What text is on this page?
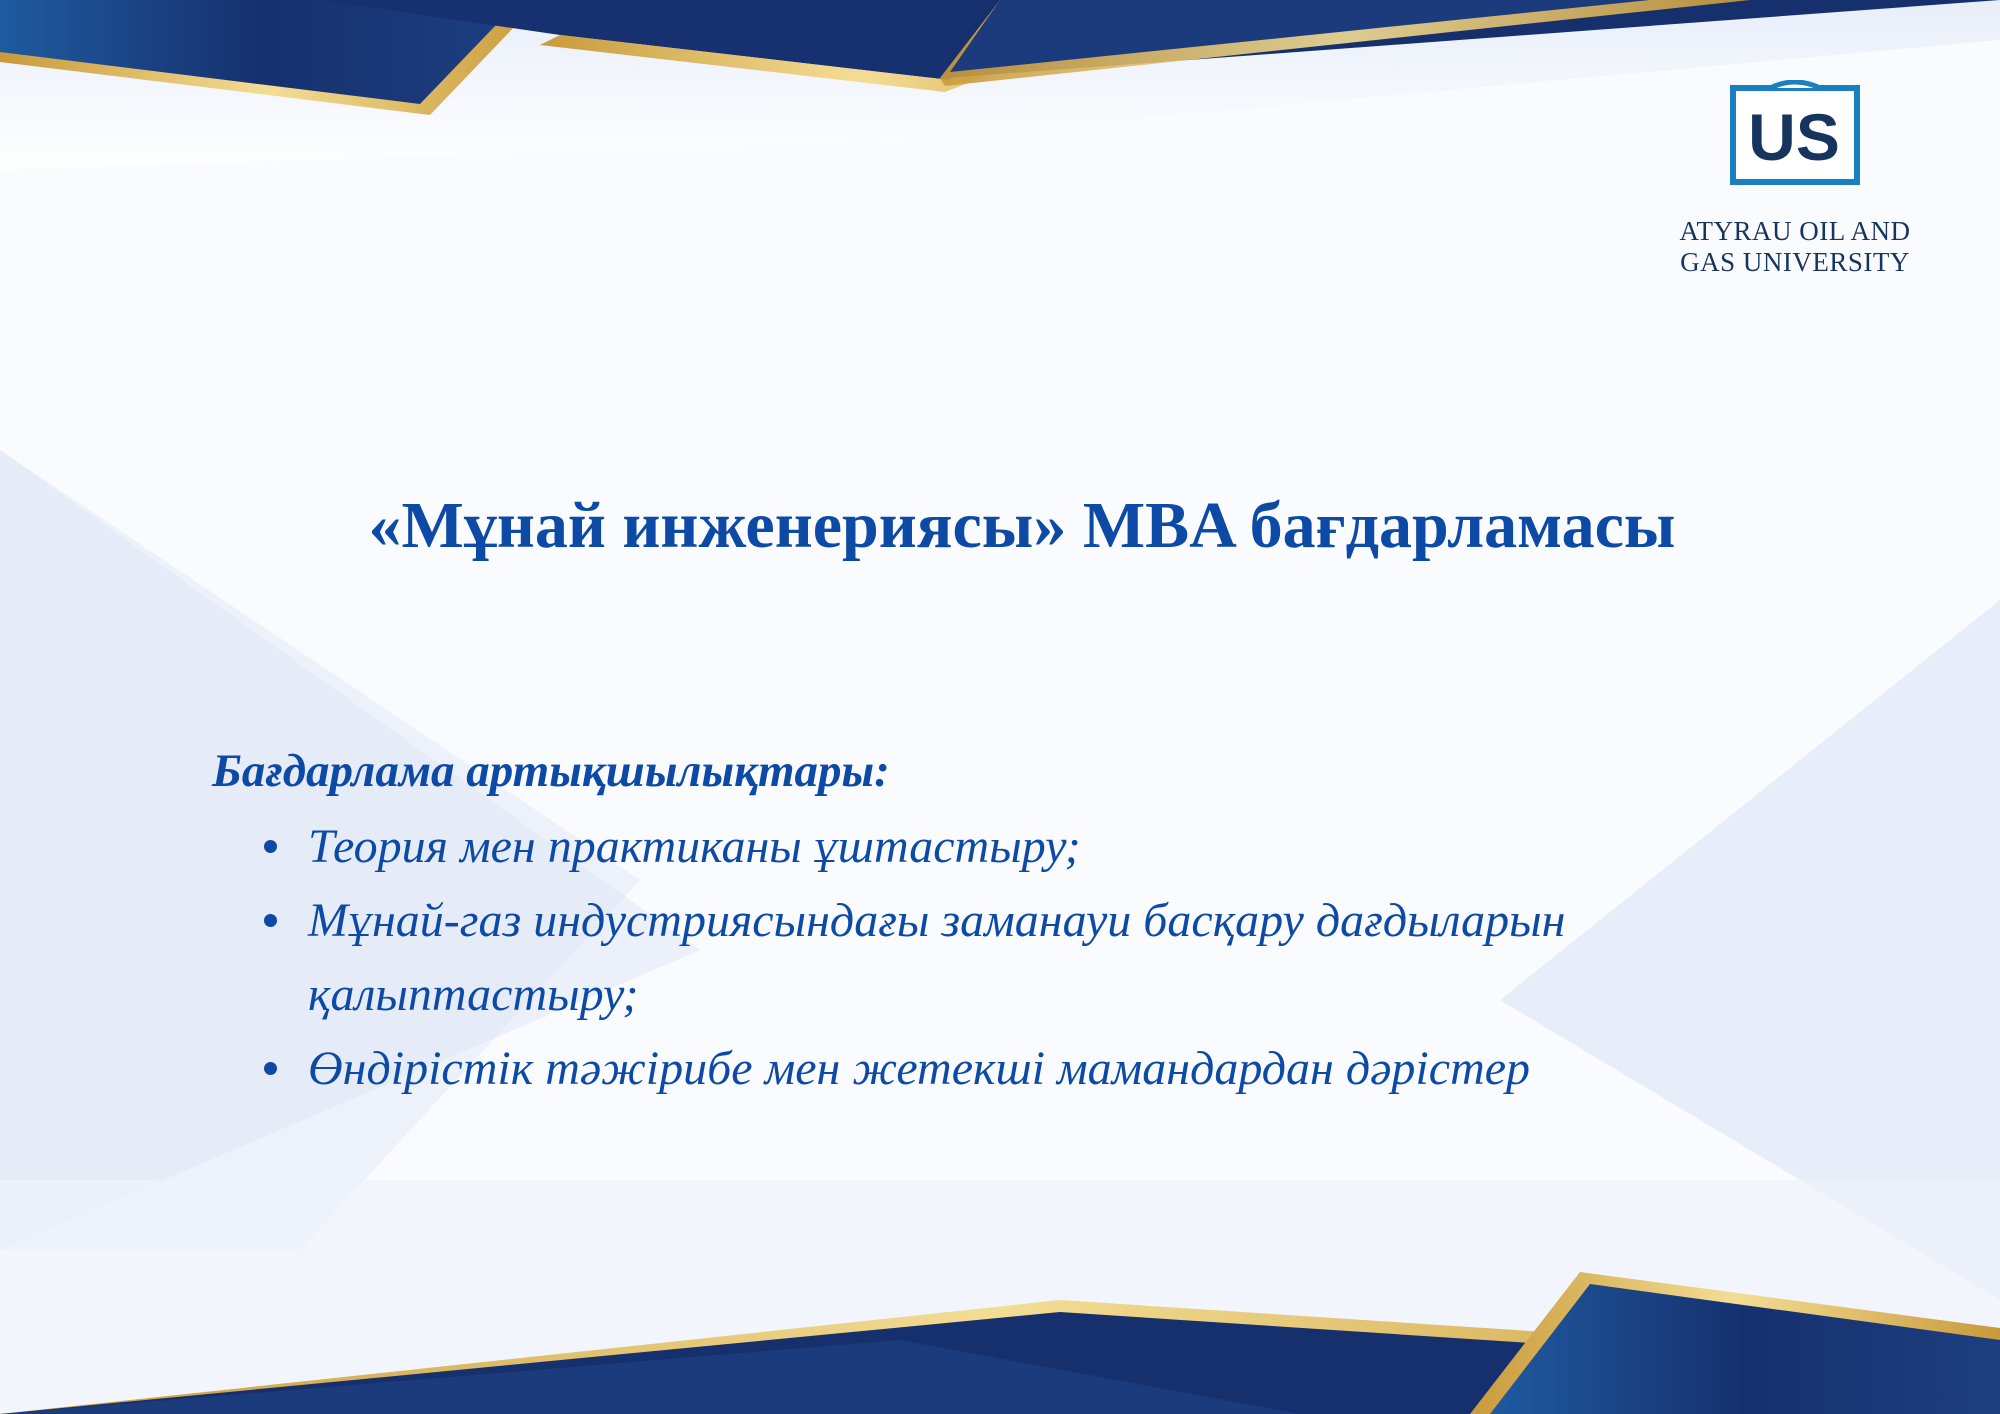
US
ATYRAU OIL AND
GAS UNIVERSITY
«Мұнай инженериясы» MBA бағдарламасы

Бағдарлама артықшылықтары:

Теория мен практиканы ұштастыру;
Мұнай-газ индустриясындағы заманауи басқару дағдыларын қалыптастыру;
Өндірістік тәжірибе мен жетекші мамандардан дәрістер
